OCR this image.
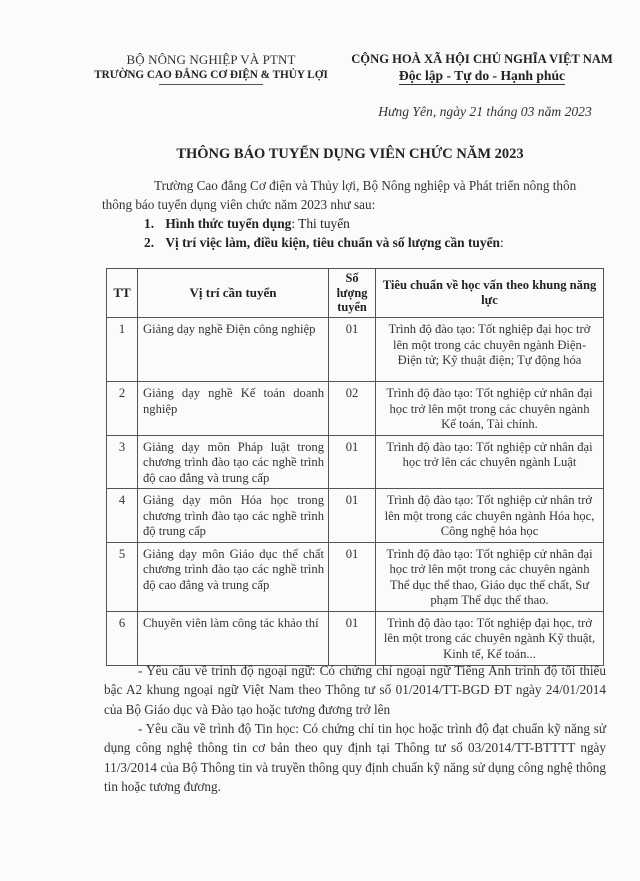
BỘ NÔNG NGHIỆP VÀ PTNT
TRƯỜNG CAO ĐẲNG CƠ ĐIỆN & THỦY LỢI
CỘNG HOÀ XÃ HỘI CHỦ NGHĨA VIỆT NAM
Độc lập - Tự do - Hạnh phúc
Hưng Yên, ngày 21 tháng 03 năm 2023
THÔNG BÁO TUYỂN DỤNG VIÊN CHỨC NĂM 2023
Trường Cao đẳng Cơ điện và Thủy lợi, Bộ Nông nghiệp và Phát triển nông thôn
thông báo tuyển dụng viên chức năm 2023 như sau:
1. Hình thức tuyển dụng: Thi tuyển
2. Vị trí việc làm, điều kiện, tiêu chuẩn và số lượng cần tuyển:
TT	Vị trí cần tuyển	Số lượng tuyển	Tiêu chuẩn về học vấn theo khung năng lực
1	Giảng dạy nghề Điện công nghiệp	01	Trình độ đào tạo: Tốt nghiệp đại học trở lên một trong các chuyên ngành Điện- Điện tử; Kỹ thuật điện; Tự động hóa
2	Giảng dạy nghề Kế toán doanh nghiệp	02	Trình độ đào tạo: Tốt nghiệp cử nhân đại học trở lên một trong các chuyên ngành Kế toán, Tài chính.
3	Giảng dạy môn Pháp luật trong chương trình đào tạo các nghề trình độ cao đẳng và trung cấp	01	Trình độ đào tạo: Tốt nghiệp cử nhân đại học trở lên các chuyên ngành Luật
4	Giảng dạy môn Hóa học trong chương trình đào tạo các nghề trình độ trung cấp	01	Trình độ đào tạo: Tốt nghiệp cử nhân trở lên một trong các chuyên ngành Hóa học, Công nghệ hóa học
5	Giảng dạy môn Giáo dục thể chất chương trình đào tạo các nghề trình độ cao đẳng và trung cấp	01	Trình độ đào tạo: Tốt nghiệp cử nhân đại học trở lên một trong các chuyên ngành Thể dục thể thao, Giáo dục thể chất, Sư phạm Thể dục thể thao.
6	Chuyên viên làm công tác khảo thí	01	Trình độ đào tạo: Tốt nghiệp đại học, trở lên một trong các chuyên ngành Kỹ thuật, Kinh tế, Kế toán...
- Yêu cầu về trình độ ngoại ngữ: Có chứng chỉ ngoại ngữ Tiếng Anh trình độ tối thiểu bậc A2 khung ngoại ngữ Việt Nam theo Thông tư số 01/2014/TT-BGD ĐT ngày 24/01/2014 của Bộ Giáo dục và Đào tạo hoặc tương đương trở lên
- Yêu cầu về trình độ Tin học: Có chứng chỉ tin học hoặc trình độ đạt chuẩn kỹ năng sử dụng công nghệ thông tin cơ bản theo quy định tại Thông tư số 03/2014/TT-BTTTT ngày 11/3/2014 của Bộ Thông tin và truyền thông quy định chuẩn kỹ năng sử dụng công nghệ thông tin hoặc tương đương.
